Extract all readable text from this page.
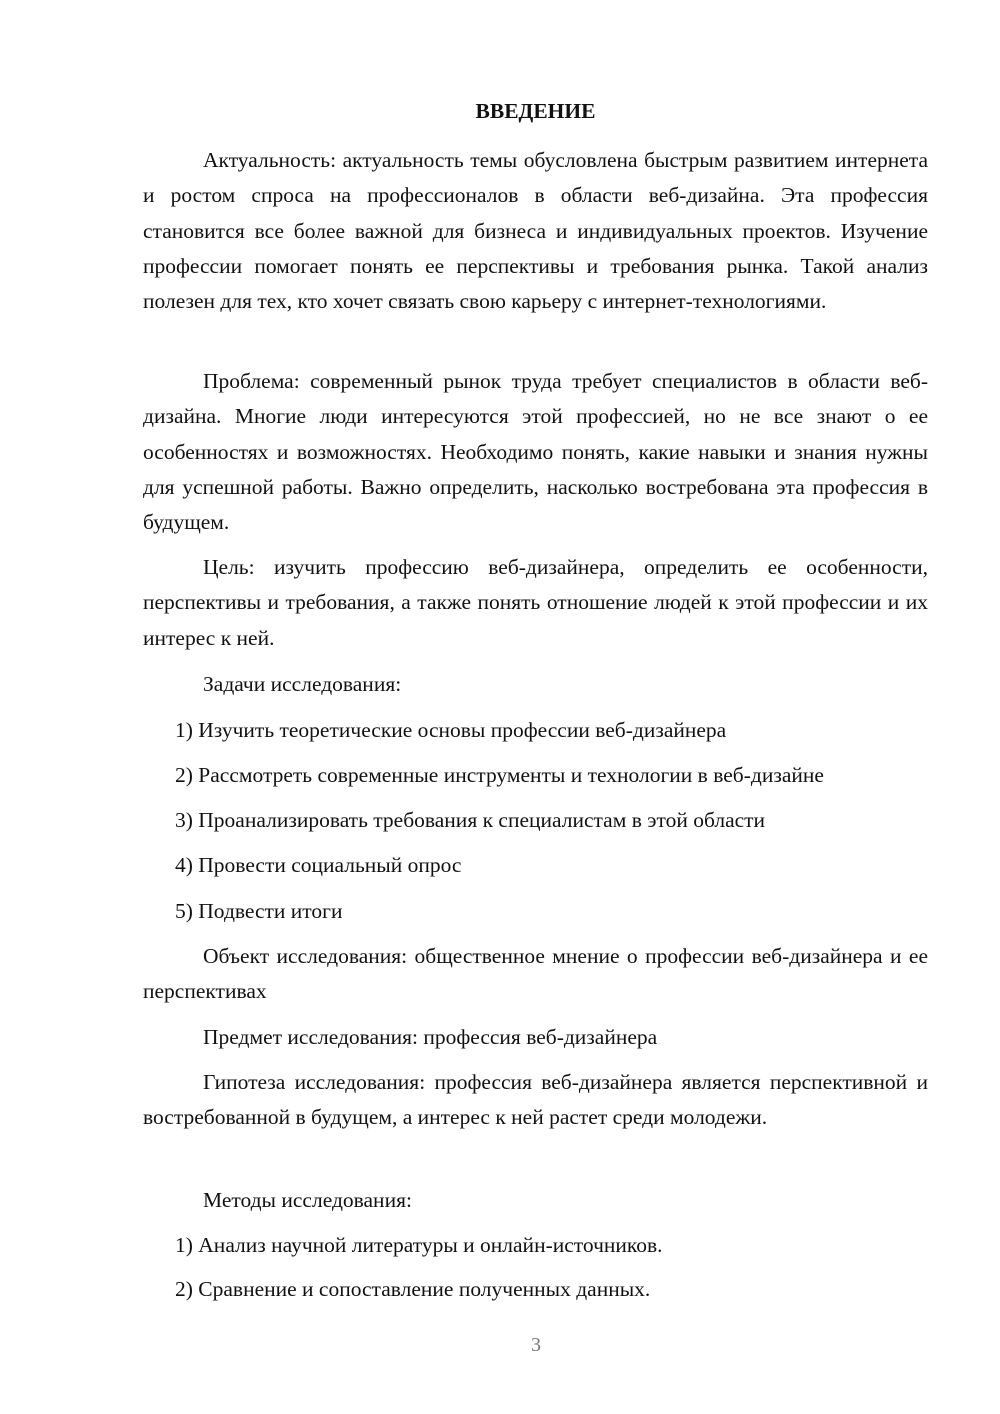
ВВЕДЕНИЕ

Актуальность: актуальность темы обусловлена быстрым развитием интернета и ростом спроса на профессионалов в области веб-дизайна. Эта профессия становится все более важной для бизнеса и индивидуальных проектов. Изучение профессии помогает понять ее перспективы и требования рынка. Такой анализ полезен для тех, кто хочет связать свою карьеру с интернет-технологиями.

Проблема: современный рынок труда требует специалистов в области веб-дизайна. Многие люди интересуются этой профессией, но не все знают о ее особенностях и возможностях. Необходимо понять, какие навыки и знания нужны для успешной работы. Важно определить, насколько востребована эта профессия в будущем.

Цель: изучить профессию веб-дизайнера, определить ее особенности, перспективы и требования, а также понять отношение людей к этой профессии и их интерес к ней.

Задачи исследования:

1) Изучить теоретические основы профессии веб-дизайнера

2) Рассмотреть современные инструменты и технологии в веб-дизайне

3) Проанализировать требования к специалистам в этой области

4) Провести социальный опрос

5) Подвести итоги

Объект исследования: общественное мнение о профессии веб-дизайнера и ее перспективах

Предмет исследования: профессия веб-дизайнера

Гипотеза исследования: профессия веб-дизайнера является перспективной и востребованной в будущем, а интерес к ней растет среди молодежи.

Методы исследования:

1) Анализ научной литературы и онлайн-источников.

2) Сравнение и сопоставление полученных данных.

3
